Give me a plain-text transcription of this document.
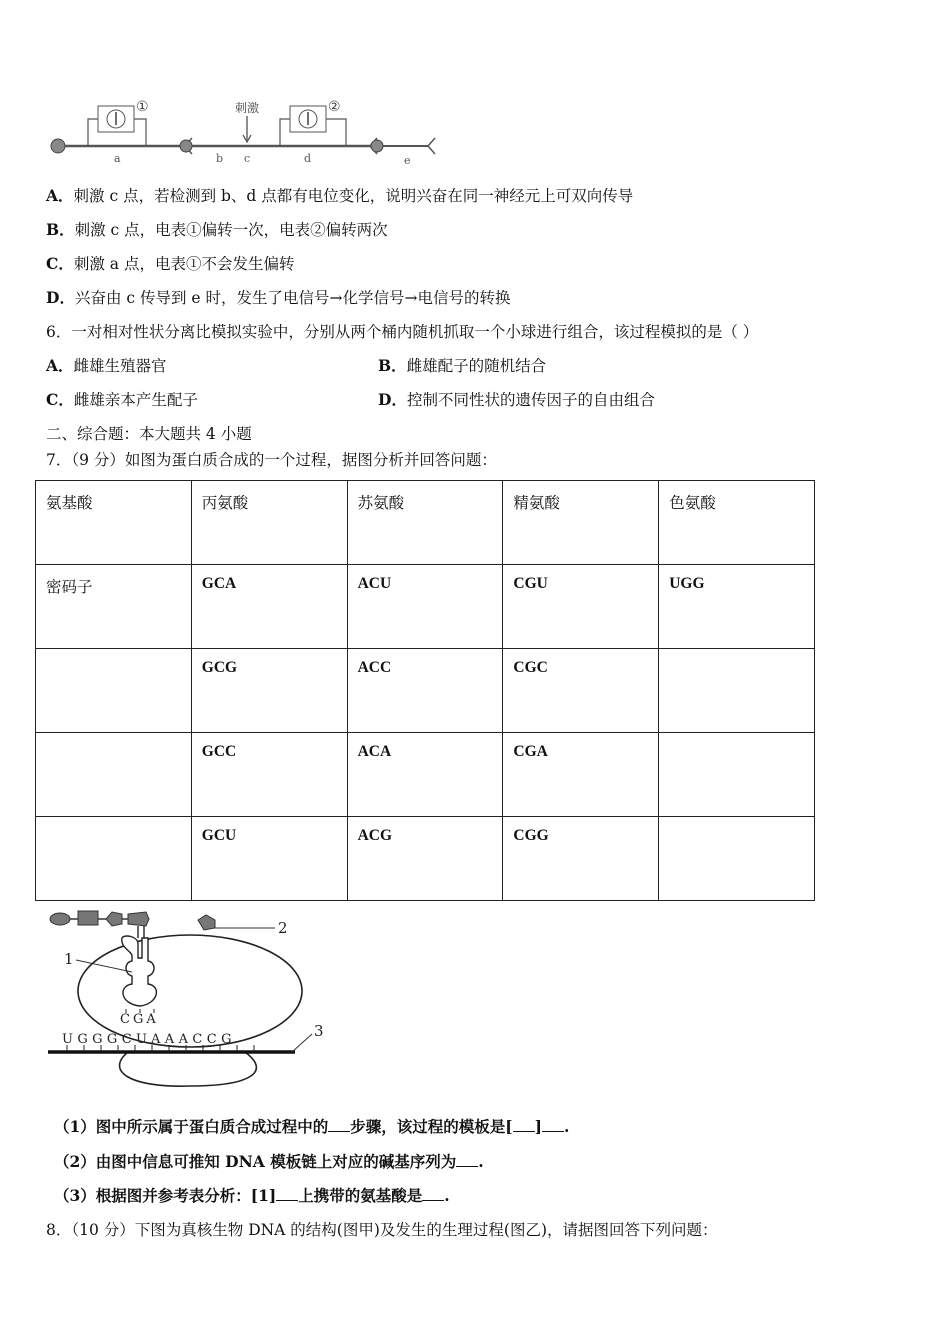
①	刺激	②
a	b c	d	e
A．刺激 c 点，若检测到 b、d 点都有电位变化，说明兴奋在同一神经元上可双向传导
B．刺激 c 点，电表①偏转一次，电表②偏转两次
C．刺激 a 点，电表①不会发生偏转
D．兴奋由 c 传导到 e 时，发生了电信号→化学信号→电信号的转换
6．一对相对性状分离比模拟实验中，分别从两个桶内随机抓取一个小球进行组合，该过程模拟的是（ ）
A．雌雄生殖器官	B．雌雄配子的随机结合
C．雌雄亲本产生配子	D．控制不同性状的遗传因子的自由组合
二、综合题：本大题共 4 小题
7．（9 分）如图为蛋白质合成的一个过程，据图分析并回答问题：
氨基酸	丙氨酸	苏氨酸	精氨酸	色氨酸
密码子	GCA	ACU	CGU	UGG
	GCG	ACC	CGC	
	GCC	ACA	CGA	
	GCU	ACG	CGG	
2
1
CGA
UGGGCUAAACCG	3
（1）图中所示属于蛋白质合成过程中的 步骤，该过程的模板是[ ] .
（2）由图中信息可推知 DNA 模板链上对应的碱基序列为 .
（3）根据图并参考表分析：[1] 上携带的氨基酸是 .
8．（10 分）下图为真核生物 DNA 的结构(图甲)及发生的生理过程(图乙)，请据图回答下列问题：
